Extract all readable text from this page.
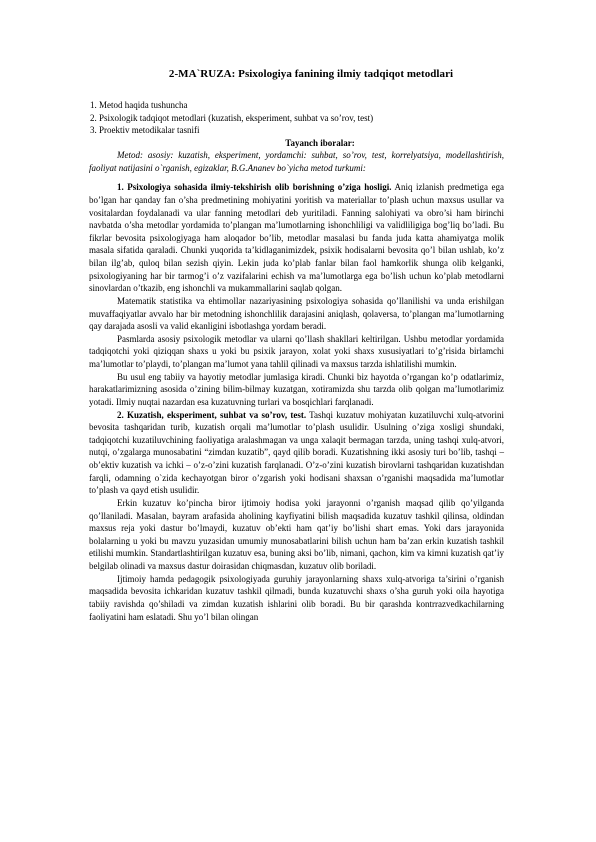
2-MA`RUZA: Psixologiya fanining ilmiy tadqiqot metodlari
1. Metod haqida tushuncha
2. Psixologik tadqiqot metodlari (kuzatish, eksperiment, suhbat va so’rov, test)
3. Proektiv metodikalar tasnifi
Tayanch iboralar:

Metod: asosiy: kuzatish, eksperiment, yordamchi: suhbat, so’rov, test, korrelyatsiya, modellashtirish, faoliyat natijasini o`rganish, egizaklar, B.G.Ananev bo`yicha metod turkumi:

1. Psixologiya sohasida ilmiy-tekshirish olib borishning o’ziga hosligi. Aniq izlanish predmetiga ega bo’lgan har qanday fan o’sha predmetining mohiyatini yoritish va materiallar to’plash uchun maxsus usullar va vositalardan foydalanadi va ular fanning metodlari deb yuritiladi. Fanning salohiyati va obro’si ham birinchi navbatda o’sha metodlar yordamida to’plangan ma’lumotlarning ishonchliligi va validliligiga bog’liq bo’ladi. Bu fikrlar bevosita psixologiyaga ham aloqador bo’lib, metodlar masalasi bu fanda juda katta ahamiyatga molik masala sifatida qaraladi. Chunki yuqorida ta’kidlaganimizdek, psixik hodisalarni bevosita qo’l bilan ushlab, ko’z bilan ilg’ab, quloq bilan sezish qiyin. Lekin juda ko’plab fanlar bilan faol hamkorlik shunga olib kelganki, psixologiyaning har bir tarmog’i o’z vazifalarini echish va ma’lumotlarga ega bo’lish uchun ko’plab metodlarni sinovlardan o’tkazib, eng ishonchli va mukammallarini saqlab qolgan.

Matematik statistika va ehtimollar nazariyasining psixologiya sohasida qo’llanilishi va unda erishilgan muvaffaqiyatlar avvalo har bir metodning ishonchlilik darajasini aniqlash, qolaversa, to’plangan ma’lumotlarning qay darajada asosli va valid ekanligini isbotlashga yordam beradi.

Pasmlarda asosiy psixologik metodlar va ularni qo’llash shakllari keltirilgan. Ushbu metodlar yordamida tadqiqotchi yoki qiziqqan shaxs u yoki bu psixik jarayon, xolat yoki shaxs xususiyatlari to’g’risida birlamchi ma’lumotlar to’playdi, to’plangan ma’lumot yana tahlil qilinadi va maxsus tarzda ishlatilishi mumkin.

Bu usul eng tabiiy va hayotiy metodlar jumlasiga kiradi. Chunki biz hayotda o’rgangan ko’p odatlarimiz, harakatlarimizning asosida o’zining bilim-bilmay kuzatgan, xotiramizda shu tarzda olib qolgan ma’lumotlarimiz yotadi. Ilmiy nuqtai nazardan esa kuzatuvning turlari va bosqichlari farqlanadi.

2. Kuzatish, eksperiment, suhbat va so’rov, test. Tashqi kuzatuv mohiyatan kuzatiluvchi xulq-atvorini bevosita tashqaridan turib, kuzatish orqali ma’lumotlar to’plash usulidir. Usulning o’ziga xosligi shundaki, tadqiqotchi kuzatiluvchining faoliyatiga aralashmagan va unga xalaqit bermagan tarzda, uning tashqi xulq-atvori, nutqi, o’zgalarga munosabatini “zimdan kuzatib”, qayd qilib boradi. Kuzatishning ikki asosiy turi bo’lib, tashqi – ob’ektiv kuzatish va ichki – o’z-o’zini kuzatish farqlanadi. O’z-o’zini kuzatish birovlarni tashqaridan kuzatishdan farqli, odamning o`zida kechayotgan biror o’zgarish yoki hodisani shaxsan o’rganishi maqsadida ma’lumotlar to’plash va qayd etish usulidir.

Erkin kuzatuv ko’pincha biror ijtimoiy hodisa yoki jarayonni o’rganish maqsad qilib qo’yilganda qo’llaniladi. Masalan, bayram arafasida aholining kayfiyatini bilish maqsadida kuzatuv tashkil qilinsa, oldindan maxsus reja yoki dastur bo’lmaydi, kuzatuv ob’ekti ham qat’iy bo’lishi shart emas. Yoki dars jarayonida bolalarning u yoki bu mavzu yuzasidan umumiy munosabatlarini bilish uchun ham ba’zan erkin kuzatish tashkil etilishi mumkin. Standartlashtirilgan kuzatuv esa, buning aksi bo’lib, nimani, qachon, kim va kimni kuzatish qat’iy belgilab olinadi va maxsus dastur doirasidan chiqmasdan, kuzatuv olib boriladi.

Ijtimoiy hamda pedagogik psixologiyada guruhiy jarayonlarning shaxs xulq-atvoriga ta’sirini o’rganish maqsadida bevosita ichkaridan kuzatuv tashkil qilmadi, bunda kuzatuvchi shaxs o’sha guruh yoki oila hayotiga tabiiy ravishda qo’shiladi va zimdan kuzatish ishlarini olib boradi. Bu bir qarashda kontrrazvedkachilarning faoliyatini ham eslatadi. Shu yo’l bilan olingan
